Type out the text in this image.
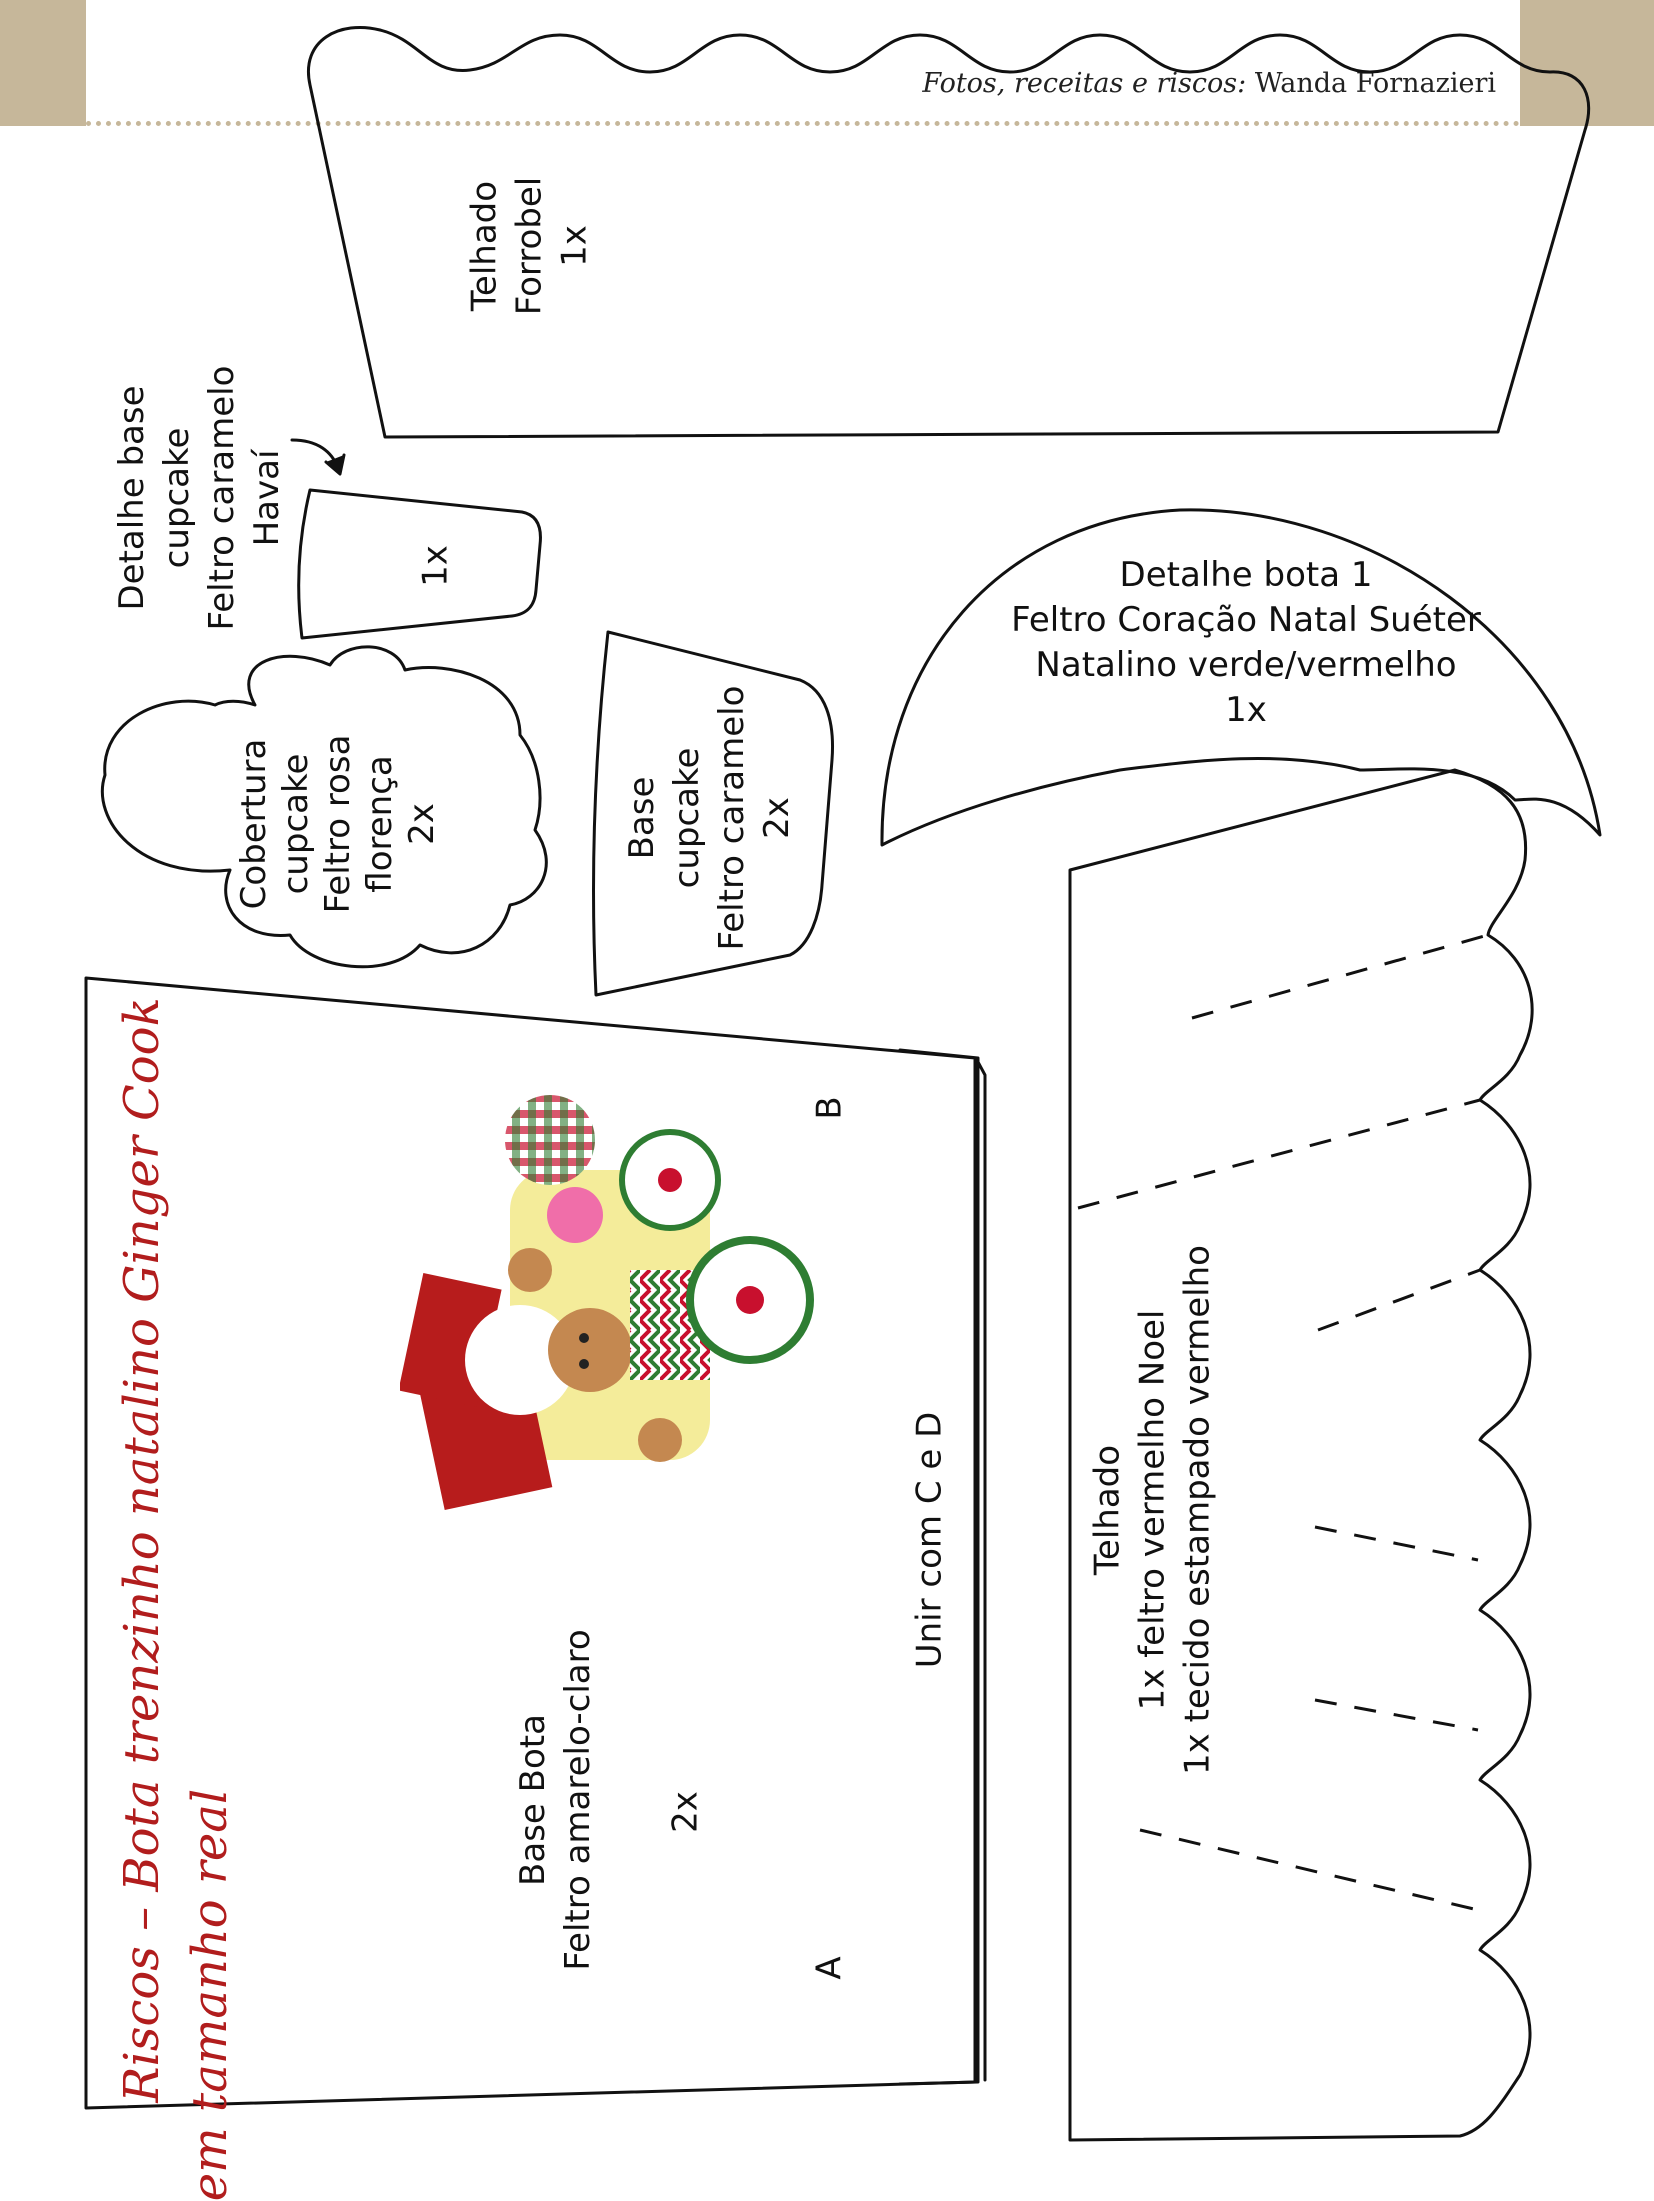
Fotos, receitas e riscos: Wanda Fornazieri
Riscos – Bota trenzinho natalino Ginger Cook em tamanho real
Telhado Forrobel 1x
Detalhe base cupcake Feltro caramelo Havaí
1x	Detalhe bota 1
Feltro Coração Natal Suéter
Natalino verde/vermelho
1x
Cobertura cupcake Feltro rosa florença 2x	Base cupcake Feltro caramelo 2x
Base Bota Feltro amarelo-claro 2x
A
B
Unir com C e D	Telhado 1x feltro vermelho Noel 1x tecido estampado vermelho
